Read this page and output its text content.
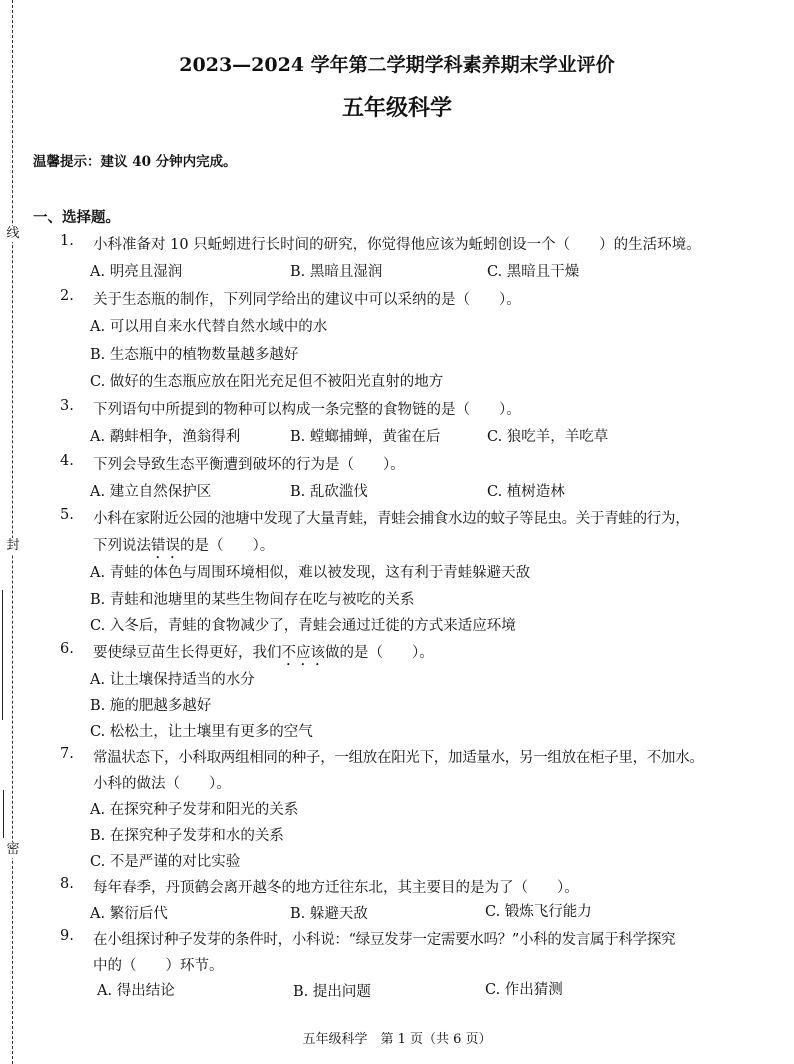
线
封
密
2023—2024 学年第二学期学科素养期末学业评价
五年级科学
温馨提示：建议 40 分钟内完成。
一、选择题。
1. 小科准备对 10 只蚯蚓进行长时间的研究，你觉得他应该为蚯蚓创设一个（　　）的生活环境。
A. 明亮且湿润	B. 黑暗且湿润	C. 黑暗且干燥
2. 关于生态瓶的制作，下列同学给出的建议中可以采纳的是（　　）。
A. 可以用自来水代替自然水域中的水
B. 生态瓶中的植物数量越多越好
C. 做好的生态瓶应放在阳光充足但不被阳光直射的地方
3. 下列语句中所提到的物种可以构成一条完整的食物链的是（　　）。
A. 鹬蚌相争，渔翁得利	B. 螳螂捕蝉，黄雀在后	C. 狼吃羊，羊吃草
4. 下列会导致生态平衡遭到破坏的行为是（　　）。
A. 建立自然保护区	B. 乱砍滥伐	C. 植树造林
5. 小科在家附近公园的池塘中发现了大量青蛙，青蛙会捕食水边的蚊子等昆虫。关于青蛙的行为，
下列说法错误的是（　　）。
A. 青蛙的体色与周围环境相似，难以被发现，这有利于青蛙躲避天敌
B. 青蛙和池塘里的某些生物间存在吃与被吃的关系
C. 入冬后，青蛙的食物减少了，青蛙会通过迁徙的方式来适应环境
6. 要使绿豆苗生长得更好，我们不应该做的是（　　）。
A. 让土壤保持适当的水分
B. 施的肥越多越好
C. 松松土，让土壤里有更多的空气
7. 常温状态下，小科取两组相同的种子，一组放在阳光下，加适量水，另一组放在柜子里，不加水。
小科的做法（　　）。
A. 在探究种子发芽和阳光的关系
B. 在探究种子发芽和水的关系
C. 不是严谨的对比实验
8. 每年春季，丹顶鹤会离开越冬的地方迁往东北，其主要目的是为了（　　）。
A. 繁衍后代	B. 躲避天敌	C. 锻炼飞行能力
9. 在小组探讨种子发芽的条件时，小科说：“绿豆发芽一定需要水吗？”小科的发言属于科学探究
中的（　　）环节。
A. 得出结论	B. 提出问题	C. 作出猜测
五年级科学　第 1 页（共 6 页）
